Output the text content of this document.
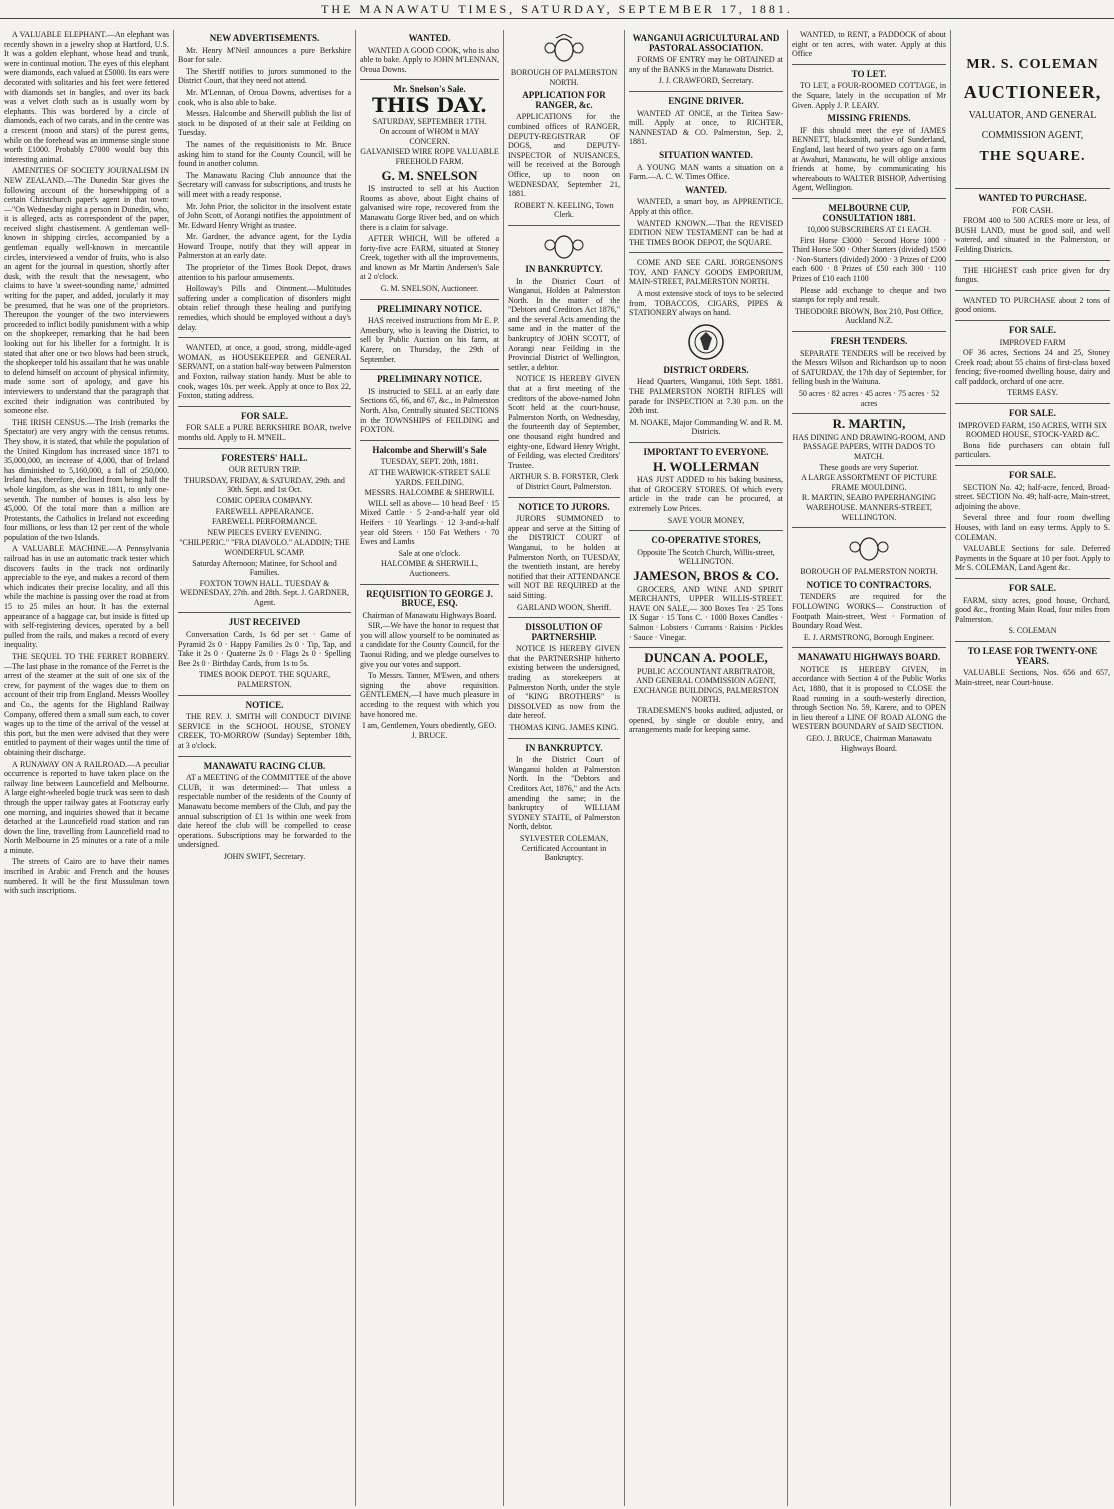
THE MANAWATU TIMES, SATURDAY, SEPTEMBER 17, 1881.

A VALUABLE ELEPHANT.—An elephant was recently shown in a jewelry shop at Hartford, U.S. It was a golden elephant, whose head and trunk, were in continual motion. The eyes of this elephant were diamonds, each valued at £5000. Its ears were decorated with solitaries and his feet were fettered with diamonds set in bangles, and over its back was a velvet cloth such as is usually worn by elephants. This was bordered by a circle of diamonds, each of two carats, and in the centre was a crescent (moon and stars) of the purest gems, while on the forehead was an immense single stone worth £1000. Probably £7000 would buy this interesting animal.

AMENITIES OF SOCIETY JOURNALISM IN NEW ZEALAND.—The Dunedin Star gives the following account of the horsewhipping of a certain Christchurch paper's agent in that town:—"On Wednesday night a person in Dunedin, who, it is alleged, acts as correspondent of the paper, received slight chastisement. A gentleman well-known in shipping circles, accompanied by a gentleman equally well-known in mercantile circles, interviewed a vendor of fruits, who is also an agent for the journal in question, shortly after dusk, with the result that the newsagent, who claims to have 'a sweet-sounding name,' admitted writing for the paper, and added, jocularly it may be presumed, that he was one of the proprietors. Thereupon the younger of the two interviewers proceeded to inflict bodily punishment with a whip on the shopkeeper, remarking that he had been looking out for his libeller for a fortnight. It is stated that after one or two blows had been struck, the shopkeeper told his assailant that he was unable to defend himself on account of physical infirmity, made some sort of apology, and gave his interviewers to understand that the paragraph that excited their indignation was contributed by someone else.

THE IRISH CENSUS.—The Irish (remarks the Spectator) are very angry with the census returns. They show, it is stated, that while the population of the United Kingdom has increased since 1871 to 35,000,000, an increase of 4,000, that of Ireland has diminished to 5,160,000, a fall of 250,000. Ireland has, therefore, declined from being half the whole kingdom, as she was in 1811, to only one-seventh. The number of houses is also less by 45,000. Of the total more than a million are Protestants, the Catholics in Ireland not exceeding four millions, or less than 12 per cent of the whole population of the two Islands.

A VALUABLE MACHINE.—A Pennsylvania railroad has in use an automatic track tester which discovers faults in the track not ordinarily appreciable to the eye, and makes a record of them which indicates their precise locality, and all this while the machine is passing over the road at from 15 to 25 miles an hour. It has the external appearance of a baggage car, but inside is fitted up with self-registering devices, operated by a bell pulled from the rails, and makes a record of every inequality.

THE SEQUEL TO THE FERRET ROBBERY.—The last phase in the romance of the Ferret is the arrest of the steamer at the suit of one six of the crew, for payment of the wages due to them on account of their trip from England. Messrs Woolley and Co., the agents for the Highland Railway Company, offered them a small sum each, to cover wages up to the time of the arrival of the vessel at this port, but the men were advised that they were entitled to payment of their wages until the time of obtaining their discharge.

A RUNAWAY ON A RAILROAD.—A peculiar occurrence is reported to have taken place on the railway line between Launcefield and Melbourne. A large eight-wheeled bogie truck was seen to dash through the upper railway gates at Footscray early one morning, and inquiries showed that it became detached at the Launcefield road station and ran down the line, travelling from Launcefield road to North Melbourne in 25 minutes or a rate of a mile a minute.

The streets of Cairo are to have their names inscribed in Arabic and French and the houses numbered. It will be the first Mussulman town with such inscriptions.

NEW ADVERTISEMENTS.

Mr. Henry M'Neil announces a pure Berkshire Boar for sale.

The Sheriff notifies to jurors summoned to the District Court, that they need not attend.

Mr. M'Lennan, of Oroua Downs, advertises for a cook, who is also able to bake.

Messrs. Halcombe and Sherwill publish the list of stock to be disposed of at their sale at Feilding on Tuesday.

The names of the requisitionists to Mr. Bruce asking him to stand for the County Council, will be found in another column.

The Manawatu Racing Club announce that the Secretary will canvass for subscriptions, and trusts he will meet with a ready response.

Mr. John Prior, the solicitor in the insolvent estate of John Scott, of Aorangi notifies the appointment of Mr. Edward Henry Wright as trustee.

Mr. Gardner, the advance agent, for the Lydia Howard Troupe, notify that they will appear in Palmerston at an early date.

The proprietor of the Times Book Depot, draws attention to his parlour amusements.

Holloway's Pills and Ointment.—Multitudes suffering under a complication of disorders might obtain relief through these healing and purifying remedies, which should be employed without a day's delay.

WANTED, at once, a good, strong, middle-aged WOMAN, as HOUSEKEEPER and GENERAL SERVANT, on a station half-way between Palmerston and Foxton, railway station handy. Must be able to cook, wages 10s. per week. Apply at once to Box 22, Foxton, stating address.

FOR SALE.

FOR SALE a PURE BERKSHIRE BOAR, twelve months old. Apply to H. M'NEIL.

FORESTERS' HALL.
OUR RETURN TRIP.
THURSDAY, FRIDAY, & SATURDAY, 29th. and 30th. Sept. and 1st Oct.
COMIC OPERA COMPANY.
FAREWELL APPEARANCE.
FAREWELL PERFORMANCE.
NEW PIECES EVERY EVENING.
"CHILPERIC." "FRA DIAVOLO." ALADDIN; THE WONDERFUL SCAMP.
Saturday Afternoon; Matinee, for School and Families.
FOXTON TOWN HALL. TUESDAY & WEDNESDAY, 27th. and 28th. Sept. J. GARDNER, Agent.
JUST RECEIVED

Conversation Cards, 1s 6d per set · Game of Pyramid 2s 0 · Happy Families 2s 0 · Tip, Tap, and Take it 2s 0 · Quaterne 2s 0 · Flags 2s 0 · Spelling Bee 2s 0 · Birthday Cards, from 1s to 5s.

TIMES BOOK DEPOT. THE SQUARE, PALMERSTON.
NOTICE.

THE REV. J. SMITH will CONDUCT DIVINE SERVICE in the SCHOOL HOUSE, STONEY CREEK, TO-MORROW (Sunday) September 18th, at 3 o'clock.

MANAWATU RACING CLUB.

AT a MEETING of the COMMITTEE of the above CLUB, it was determined:— That unless a respectable number of the residents of the County of Manawatu become members of the Club, and pay the annual subscription of £1 1s within one week from date hereof the club will be compelled to cease operations. Subscriptions may be forwarded to the undersigned.

JOHN SWIFT, Secretary.
WANTED.

WANTED A GOOD COOK, who is also able to bake. Apply to JOHN M'LENNAN, Oroua Downs.

Mr. Snelson's Sale.
THIS DAY.
SATURDAY, SEPTEMBER 17TH.
On account of WHOM it MAY CONCERN.
GALVANISED WIRE ROPE VALUABLE FREEHOLD FARM.
G. M. SNELSON

IS instructed to sell at his Auction Rooms as above, about Eight chains of galvanised wire rope, recovered from the Manawatu Gorge River bed, and on which there is a claim for salvage.

AFTER WHICH, Will be offered a forty-five acre FARM, situated at Stoney Creek, together with all the improvements, and known as Mr Martin Andersen's Sale at 2 o'clock.

G. M. SNELSON, Auctioneer.
PRELIMINARY NOTICE.

HAS received instructions from Mr E. P. Amesbury, who is leaving the District, to sell by Public Auction on his farm, at Karere, on Thursday, the 29th of September.

PRELIMINARY NOTICE.

IS instructed to SELL at an early date Sections 65, 66, and 67, &c., in Palmerston North. Also, Centrally situated SECTIONS in the TOWNSHIPS of FEILDING and FOXTON.

Halcombe and Sherwill's Sale
TUESDAY, SEPT. 20th, 1881.
AT THE WARWICK-STREET SALE YARDS. FEILDING.
MESSRS. HALCOMBE & SHERWILL

WILL sell as above— 10 head Beef · 15 Mixed Cattle · 5 2-and-a-half year old Heifers · 10 Yearlings · 12 3-and-a-half year old Steers · 150 Fat Wethers · 70 Ewes and Lambs

Sale at one o'clock.
HALCOMBE & SHERWILL, Auctioneers.
REQUISITION TO GEORGE J. BRUCE, ESQ.
Chairman of Manawatu Highways Board.

SIR,—We have the honor to request that you will allow yourself to be nominated as a candidate for the County Council, for the Taonui Riding, and we pledge ourselves to give you our votes and support.

To Messrs. Tanner, M'Ewen, and others signing the above requisition. GENTLEMEN,—I have much pleasure in acceding to the request with which you have honored me.

I am, Gentlemen, Yours obediently, GEO. J. BRUCE.
BOROUGH OF PALMERSTON NORTH.
APPLICATION FOR RANGER, &c.

APPLICATIONS for the combined offices of RANGER, DEPUTY-REGISTRAR OF DOGS, and DEPUTY-INSPECTOR of NUISANCES, will be received at the Borough Office, up to noon on WEDNESDAY, September 21, 1881.

ROBERT N. KEELING, Town Clerk.
IN BANKRUPTCY.

In the District Court of Wanganui, Holden at Palmerston North. In the matter of the "Debtors and Creditors Act 1876," and the several Acts amending the same and in the matter of the bankruptcy of JOHN SCOTT, of Aorangi near Feilding in the Provincial District of Wellington, settler, a debtor.

NOTICE IS HEREBY GIVEN that at a first meeting of the creditors of the above-named John Scott held at the court-house, Palmerston North, on Wednesday, the fourteenth day of September, one thousand eight hundred and eighty-one, Edward Henry Wright, of Feilding, was elected Creditors' Trustee.

ARTHUR S. B. FORSTER, Clerk of District Court, Palmerston.
NOTICE TO JURORS.

JURORS SUMMONED to appear and serve at the Sitting of the DISTRICT COURT of Wanganui, to be holden at Palmerston North, on TUESDAY, the twentieth instant, are hereby notified that their ATTENDANCE will NOT BE REQUIRED at the said Sitting.

GARLAND WOON, Sheriff.
DISSOLUTION OF PARTNERSHIP.

NOTICE IS HEREBY GIVEN that the PARTNERSHIP hitherto existing between the undersigned, trading as storekeepers at Palmerston North, under the style of "KING BROTHERS" is DISSOLVED as now from the date hereof.

THOMAS KING. JAMES KING.
IN BANKRUPTCY.

In the District Court of Wanganui holden at Palmerston North. In the "Debtors and Creditors Act, 1876," and the Acts amending the same; in the bankruptcy of WILLIAM SYDNEY STAITE, of Palmerston North, debtor.

SYLVESTER COLEMAN, Certificated Accountant in Bankruptcy.
WANGANUI AGRICULTURAL AND PASTORAL ASSOCIATION.

FORMS OF ENTRY may be OBTAINED at any of the BANKS in the Manawatu District.

J. J. CRAWFORD, Secretary.
ENGINE DRIVER.

WANTED AT ONCE, at the Tiritea Saw-mill. Apply at once, to RICHTER, NANNESTAD & CO. Palmerston, Sep. 2, 1881.

SITUATION WANTED.

A YOUNG MAN wants a situation on a Farm.—A. C. W. Times Office.

WANTED.

WANTED, a smart boy, as APPRENTICE. Apply at this office.

WANTED KNOWN.—That the REVISED EDITION NEW TESTAMENT can be had at THE TIMES BOOK DEPOT, the SQUARE.

COME AND SEE CARL JORGENSON'S TOY, AND FANCY GOODS EMPORIUM, MAIN-STREET, PALMERSTON NORTH.

A most extensive stock of toys to be selected from. TOBACCOS, CIGARS, PIPES & STATIONERY always on hand.

DISTRICT ORDERS.

Head Quarters, Wanganui, 10th Sept. 1881. THE PALMERSTON NORTH RIFLES will parade for INSPECTION at 7.30 p.m. on the 20th inst.

M. NOAKE, Major Commanding W. and R. M. Districts.
IMPORTANT TO EVERYONE.
H. WOLLERMAN

HAS JUST ADDED to his baking business, that of GROCERY STORES. Of which every article in the trade can be procured, at extremely Low Prices.

SAVE YOUR MONEY,
CO-OPERATIVE STORES,
Opposite The Scotch Church, Willis-street, WELLINGTON.
JAMESON, BROS & CO.

GROCERS, AND WINE AND SPIRIT MERCHANTS, UPPER WILLIS-STREET. HAVE ON SALE,— 300 Boxes Tea · 25 Tons IX Sugar · 15 Tons C. · 1000 Boxes Candles · Salmon · Lobsters · Currants · Raisins · Pickles · Sauce · Vinegar.

DUNCAN A. POOLE,
PUBLIC ACCOUNTANT ARBITRATOR, AND GENERAL COMMISSION AGENT, EXCHANGE BUILDINGS, PALMERSTON NORTH.

TRADESMEN'S books audited, adjusted, or opened, by single or double entry, and arrangements made for keeping same.

WANTED, to RENT, a PADDOCK of about eight or ten acres, with water. Apply at this Office

TO LET.

TO LET, a FOUR-ROOMED COTTAGE, in the Square, lately in the occupation of Mr Given. Apply J. P. LEARY.

MISSING FRIENDS.

IF this should meet the eye of JAMES BENNETT, blacksmith, native of Sunderland, England, last heard of two years ago on a farm at Awahuri, Manawatu, he will oblige anxious friends at home, by communicating his whereabouts to WALTER BISHOP, Advertising Agent, Wellington.

MELBOURNE CUP, CONSULTATION 1881.
10,000 SUBSCRIBERS AT £1 EACH.

First Horse £3000 · Second Horse 1000 · Third Horse 500 · Other Starters (divided) 1500 · Non-Starters (divided) 2000 · 3 Prizes of £200 each 600 · 8 Prizes of £50 each 300 · 110 Prizes of £10 each 1100

Please add exchange to cheque and two stamps for reply and result.

THEODORE BROWN, Box 210, Post Office, Auckland N.Z.
FRESH TENDERS.

SEPARATE TENDERS will be received by the Messrs Wilson and Richardson up to noon of SATURDAY, the 17th day of September, for felling bush in the Waituna.

50 acres · 82 acres · 45 acres · 75 acres · 52 acres
R. MARTIN,
HAS DINING AND DRAWING-ROOM, AND PASSAGE PAPERS, WITH DADOS TO MATCH.
These goods are very Superior.
A LARGE ASSORTMENT OF PICTURE FRAME MOULDING.
R. MARTIN, SEABO PAPERHANGING WAREHOUSE. MANNERS-STREET, WELLINGTON.
BOROUGH OF PALMERSTON NORTH.
NOTICE TO CONTRACTORS.

TENDERS are required for the FOLLOWING WORKS— Construction of Footpath Main-street, West · Formation of Boundary Road West.

E. J. ARMSTRONG, Borough Engineer.
MANAWATU HIGHWAYS BOARD.

NOTICE IS HEREBY GIVEN, in accordance with Section 4 of the Public Works Act, 1880, that it is proposed to CLOSE the Road running in a south-westerly direction, through Section No. 59, Karere, and to OPEN in lieu thereof a LINE OF ROAD ALONG the WESTERN BOUNDARY of SAID SECTION.

GEO. J. BRUCE, Chairman Manawatu Highways Board.
MR. S. COLEMAN
AUCTIONEER,
VALUATOR, AND GENERAL
COMMISSION AGENT,
THE SQUARE.
WANTED TO PURCHASE.
FOR CASH.

FROM 400 to 500 ACRES more or less, of BUSH LAND, must be good soil, and well watered, and situated in the Palmerston, or Feilding Districts.

THE HIGHEST cash price given for dry fungus.

WANTED TO PURCHASE about 2 tons of good onions.

FOR SALE.
IMPROVED FARM

OF 36 acres, Sections 24 and 25, Stoney Creek road; about 55 chains of first-class boxed fencing; five-roomed dwelling house, dairy and calf paddock, orchard of one acre.

TERMS EASY.
FOR SALE.
IMPROVED FARM, 150 ACRES, WITH SIX ROOMED HOUSE, STOCK-YARD &C.

Bona fide purchasers can obtain full particulars.

FOR SALE.

SECTION No. 42; half-acre, fenced, Broad-street. SECTION No. 49; half-acre, Main-street, adjoining the above.

Several three and four room dwelling Houses, with land on easy terms. Apply to S. COLEMAN.

VALUABLE Sections for sale. Deferred Payments in the Square at 10 per foot. Apply to Mr S. COLEMAN, Land Agent &c.

FOR SALE.

FARM, sixty acres, good house, Orchard, good &c., fronting Main Road, four miles from Palmerston.

S. COLEMAN
TO LEASE FOR TWENTY-ONE YEARS.

VALUABLE Sections, Nos. 656 and 657, Main-street, near Court-house.
